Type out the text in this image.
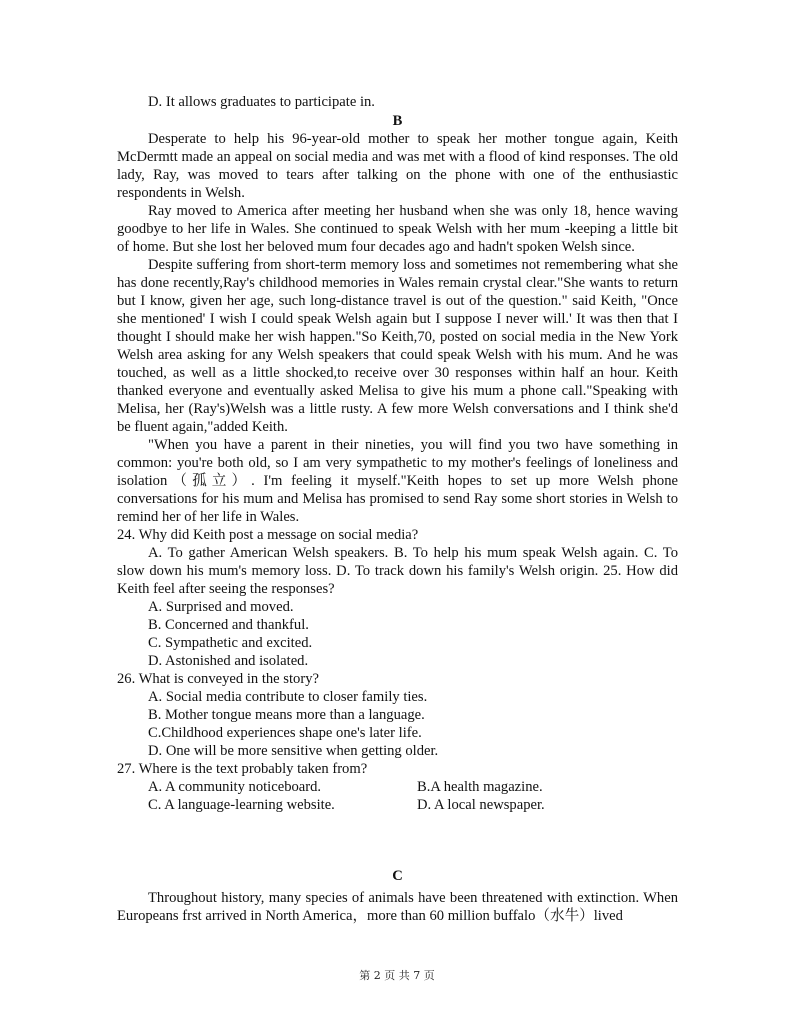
D. It allows graduates to participate in.

B

Desperate to help his 96-year-old mother to speak her mother tongue again, Keith McDermtt made an appeal on social media and was met with a flood of kind responses. The old lady, Ray, was moved to tears after talking on the phone with one of the enthusiastic respondents in Welsh.

Ray moved to America after meeting her husband when she was only 18, hence waving goodbye to her life in Wales. She continued to speak Welsh with her mum -keeping a little bit of home. But she lost her beloved mum four decades ago and hadn't spoken Welsh since.

Despite suffering from short-term memory loss and sometimes not remembering what she has done recently,Ray's childhood memories in Wales remain crystal clear."She wants to return but I know, given her age, such long-distance travel is out of the question." said Keith, "Once she mentioned' I wish I could speak Welsh again but I suppose I never will.' It was then that I thought I should make her wish happen."So Keith,70, posted on social media in the New York Welsh area asking for any Welsh speakers that could speak Welsh with his mum. And he was touched, as well as a little shocked,to receive over 30 responses within half an hour. Keith thanked everyone and eventually asked Melisa to give his mum a phone call."Speaking with Melisa, her (Ray's)Welsh was a little rusty. A few more Welsh conversations and I think she'd be fluent again,"added Keith.

"When you have a parent in their nineties, you will find you two have something in common: you're both old, so I am very sympathetic to my mother's feelings of loneliness and isolation（孤立）. I'm feeling it myself."Keith hopes to set up more Welsh phone conversations for his mum and Melisa has promised to send Ray some short stories in Welsh to remind her of her life in Wales.

24. Why did Keith post a message on social media?

A. To gather American Welsh speakers. B. To help his mum speak Welsh again. C. To slow down his mum's memory loss. D. To track down his family's Welsh origin. 25. How did Keith feel after seeing the responses?

A. Surprised and moved.

B. Concerned and thankful.

C. Sympathetic and excited.

D. Astonished and isolated.

26. What is conveyed in the story?

A. Social media contribute to closer family ties.

B. Mother tongue means more than a language.

C.Childhood experiences shape one's later life.

D. One will be more sensitive when getting older.

27. Where is the text probably taken from?

A. A community noticeboard.	B.A health magazine.
C. A language-learning website.	D. A local newspaper.

C

Throughout history, many species of animals have been threatened with extinction. When Europeans frst arrived in North America，more than 60 million buffalo（水牛）lived

第 2 页 共 7 页
